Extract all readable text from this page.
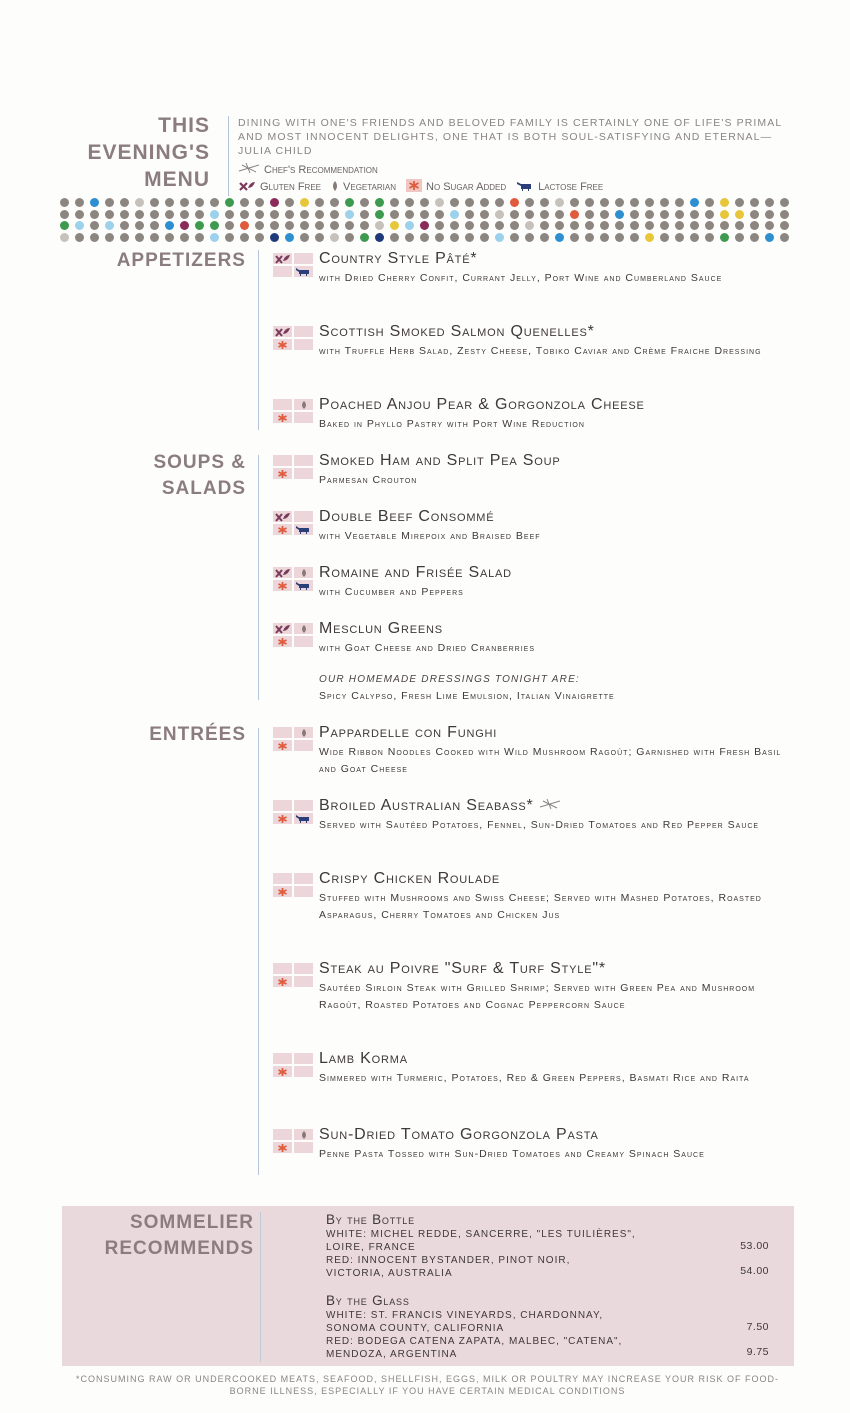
THIS
EVENING'S
MENU
DINING WITH ONE'S FRIENDS AND BELOVED FAMILY IS CERTAINLY ONE OF LIFE'S PRIMAL AND MOST INNOCENT DELIGHTS, ONE THAT IS BOTH SOUL-SATISFYING AND ETERNAL— JULIA CHILD
Chef's Recommendation
Gluten Free Vegetarian	No Sugar Added	Lactose Free
APPETIZERS
SOUPS &
SALADS
ENTRÉES
Country Style Pâté*
with Dried Cherry Confit, Currant Jelly, Port Wine and Cumberland Sauce
Scottish Smoked Salmon Quenelles*
with Truffle Herb Salad, Zesty Cheese, Tobiko Caviar and Crème Fraiche Dressing
Poached Anjou Pear & Gorgonzola Cheese
Baked in Phyllo Pastry with Port Wine Reduction
Smoked Ham and Split Pea Soup
Parmesan Crouton
Double Beef Consommé
with Vegetable Mirepoix and Braised Beef
Romaine and Frisée Salad
with Cucumber and Peppers
Mesclun Greens
with Goat Cheese and Dried Cranberries
OUR HOMEMADE DRESSINGS TONIGHT ARE:
Spicy Calypso, Fresh Lime Emulsion, Italian Vinaigrette
Pappardelle con Funghi
Wide Ribbon Noodles Cooked with Wild Mushroom Ragoût; Garnished with Fresh Basil and Goat Cheese
Broiled Australian Seabass*
Served with Sautéed Potatoes, Fennel, Sun-Dried Tomatoes and Red Pepper Sauce
Crispy Chicken Roulade
Stuffed with Mushrooms and Swiss Cheese; Served with Mashed Potatoes, Roasted Asparagus, Cherry Tomatoes and Chicken Jus
Steak au Poivre "Surf & Turf Style"*
Sautéed Sirloin Steak with Grilled Shrimp; Served with Green Pea and Mushroom Ragoût, Roasted Potatoes and Cognac Peppercorn Sauce
Lamb Korma
Simmered with Turmeric, Potatoes, Red & Green Peppers, Basmati Rice and Raita
Sun-Dried Tomato Gorgonzola Pasta
Penne Pasta Tossed with Sun-Dried Tomatoes and Creamy Spinach Sauce
SOMMELIER
RECOMMENDS
By the Bottle
WHITE: MICHEL REDDE, SANCERRE, "LES TUILIÈRES",
LOIRE, FRANCE	53.00
RED: INNOCENT BYSTANDER, PINOT NOIR,
VICTORIA, AUSTRALIA	54.00
By the Glass
WHITE: ST. FRANCIS VINEYARDS, CHARDONNAY,
SONOMA COUNTY, CALIFORNIA	7.50
RED: BODEGA CATENA ZAPATA, MALBEC, "CATENA",
MENDOZA, ARGENTINA	9.75
*CONSUMING RAW OR UNDERCOOKED MEATS, SEAFOOD, SHELLFISH, EGGS, MILK OR POULTRY MAY INCREASE YOUR RISK OF FOOD-BORNE ILLNESS, ESPECIALLY IF YOU HAVE CERTAIN MEDICAL CONDITIONS
